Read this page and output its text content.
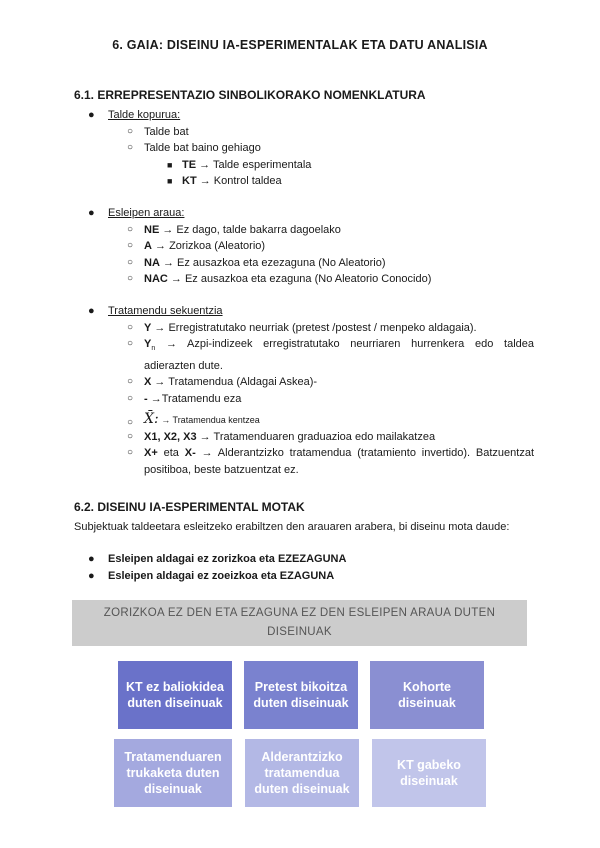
6. GAIA: DISEINU IA-ESPERIMENTALAK ETA DATU ANALISIA
6.1. ERREPRESENTAZIO SINBOLIKORAKO NOMENKLATURA
● Talde kopurua:
○ Talde bat
○ Talde bat baino gehiago
■ TE → Talde esperimentala
■ KT → Kontrol taldea
● Esleipen araua:
○ NE → Ez dago, talde bakarra dagoelako
○ A → Zorizkoa (Aleatorio)
○ NA → Ez ausazkoa eta ezezaguna (No Aleatorio)
○ NAC → Ez ausazkoa eta ezaguna (No Aleatorio Conocido)
● Tratamendu sekuentzia
○ Y → Erregistratutako neurriak (pretest /postest / menpeko aldagaia).
○ $Y_n$ → Azpi-indizeek erregistratutako neurriaren hurrenkera edo taldea adierazten dute.
○ X → Tratamendua (Aldagai Askea)-
○ - →Tratamendu eza
○ X̄: → Tratamendua kentzea
○ X1, X2, X3 → Tratamenduaren graduazioa edo mailakatzea
○ X+ eta X- → Alderantzizko tratamendua (tratamiento invertido). Batzuentzat positiboa, beste batzuentzat ez.
6.2. DISEINU IA-ESPERIMENTAL MOTAK
Subjektuak taldeetara esleitzeko erabiltzen den arauaren arabera, bi diseinu mota daude:
● Esleipen aldagai ez zorizkoa eta EZEZAGUNA
● Esleipen aldagai ez zoeizkoa eta EZAGUNA
ZORIZKOA EZ DEN ETA EZAGUNA EZ DEN ESLEIPEN ARAUA DUTEN DISEINUAK
KT ez baliokidea duten diseinuak
Pretest bikoitza duten diseinuak
Kohorte diseinuak
Tratamenduaren trukaketa duten diseinuak
Alderantzizko tratamendua duten diseinuak
KT gabeko diseinuak
